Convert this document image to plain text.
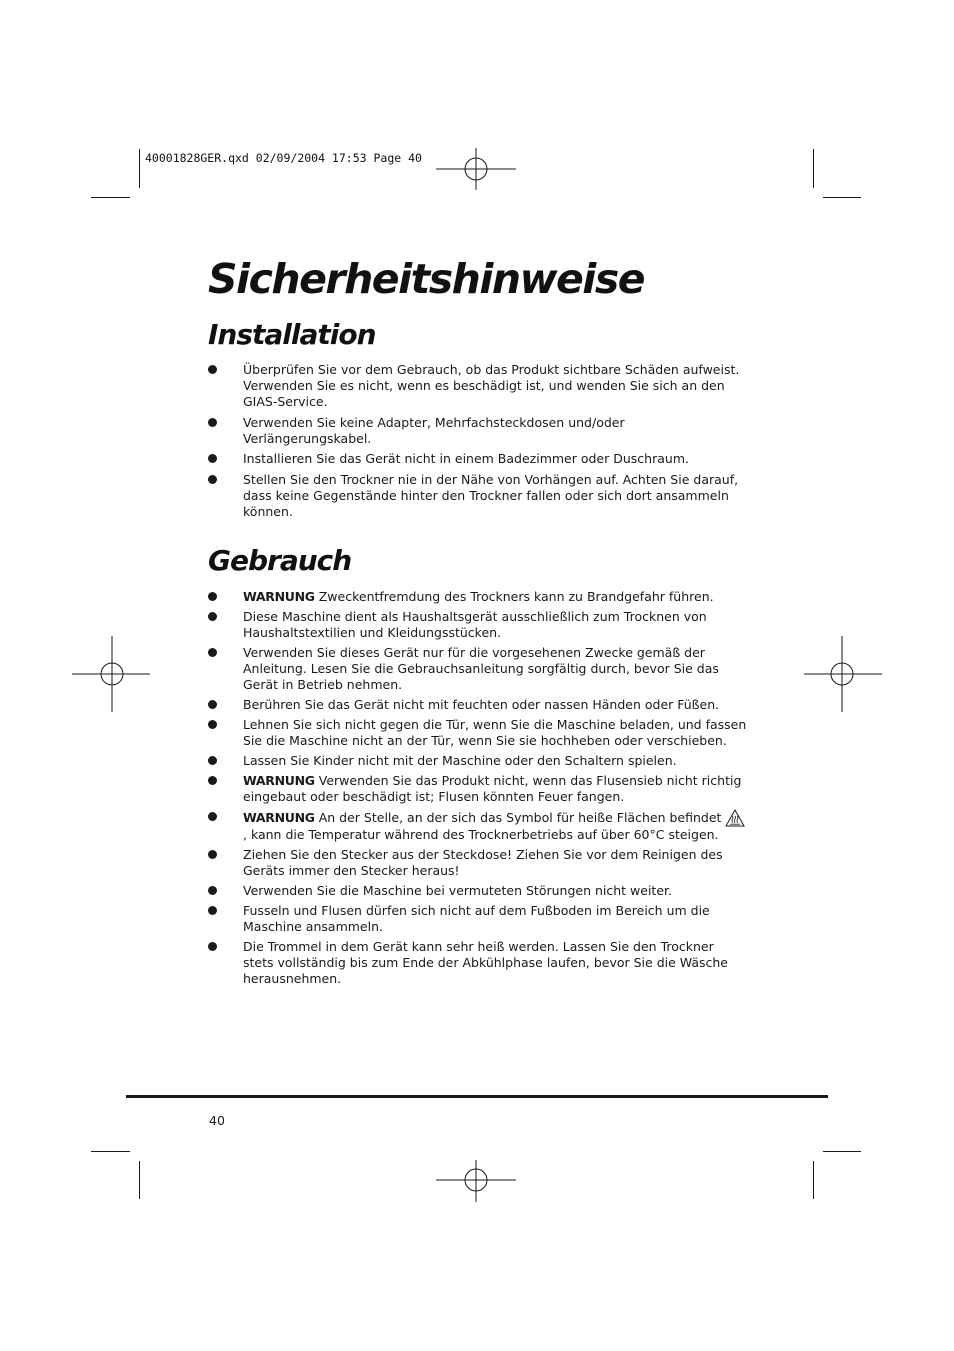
40001828GER.qxd 02/09/2004 17:53 Page 40
Sicherheitshinweise
Installation
Überprüfen Sie vor dem Gebrauch, ob das Produkt sichtbare Schäden aufweist. Verwenden Sie es nicht, wenn es beschädigt ist, und wenden Sie sich an den GIAS-Service.
Verwenden Sie keine Adapter, Mehrfachsteckdosen und/oder Verlängerungskabel.
Installieren Sie das Gerät nicht in einem Badezimmer oder Duschraum.
Stellen Sie den Trockner nie in der Nähe von Vorhängen auf. Achten Sie darauf, dass keine Gegenstände hinter den Trockner fallen oder sich dort ansammeln können.
Gebrauch
WARNUNG Zweckentfremdung des Trockners kann zu Brandgefahr führen.
Diese Maschine dient als Haushaltsgerät ausschließlich zum Trocknen von Haushaltstextilien und Kleidungsstücken.
Verwenden Sie dieses Gerät nur für die vorgesehenen Zwecke gemäß der Anleitung. Lesen Sie die Gebrauchsanleitung sorgfältig durch, bevor Sie das Gerät in Betrieb nehmen.
Berühren Sie das Gerät nicht mit feuchten oder nassen Händen oder Füßen.
Lehnen Sie sich nicht gegen die Tür, wenn Sie die Maschine beladen, und fassen Sie die Maschine nicht an der Tür, wenn Sie sie hochheben oder verschieben.
Lassen Sie Kinder nicht mit der Maschine oder den Schaltern spielen.
WARNUNG Verwenden Sie das Produkt nicht, wenn das Flusensieb nicht richtig eingebaut oder beschädigt ist; Flusen könnten Feuer fangen.
WARNUNG An der Stelle, an der sich das Symbol für heiße Flächen befindet, kann die Temperatur während des Trocknerbetriebs auf über 60°C steigen.
Ziehen Sie den Stecker aus der Steckdose! Ziehen Sie vor dem Reinigen des Geräts immer den Stecker heraus!
Verwenden Sie die Maschine bei vermuteten Störungen nicht weiter.
Fusseln und Flusen dürfen sich nicht auf dem Fußboden im Bereich um die Maschine ansammeln.
Die Trommel in dem Gerät kann sehr heiß werden. Lassen Sie den Trockner stets vollständig bis zum Ende der Abkühlphase laufen, bevor Sie die Wäsche herausnehmen.
40
